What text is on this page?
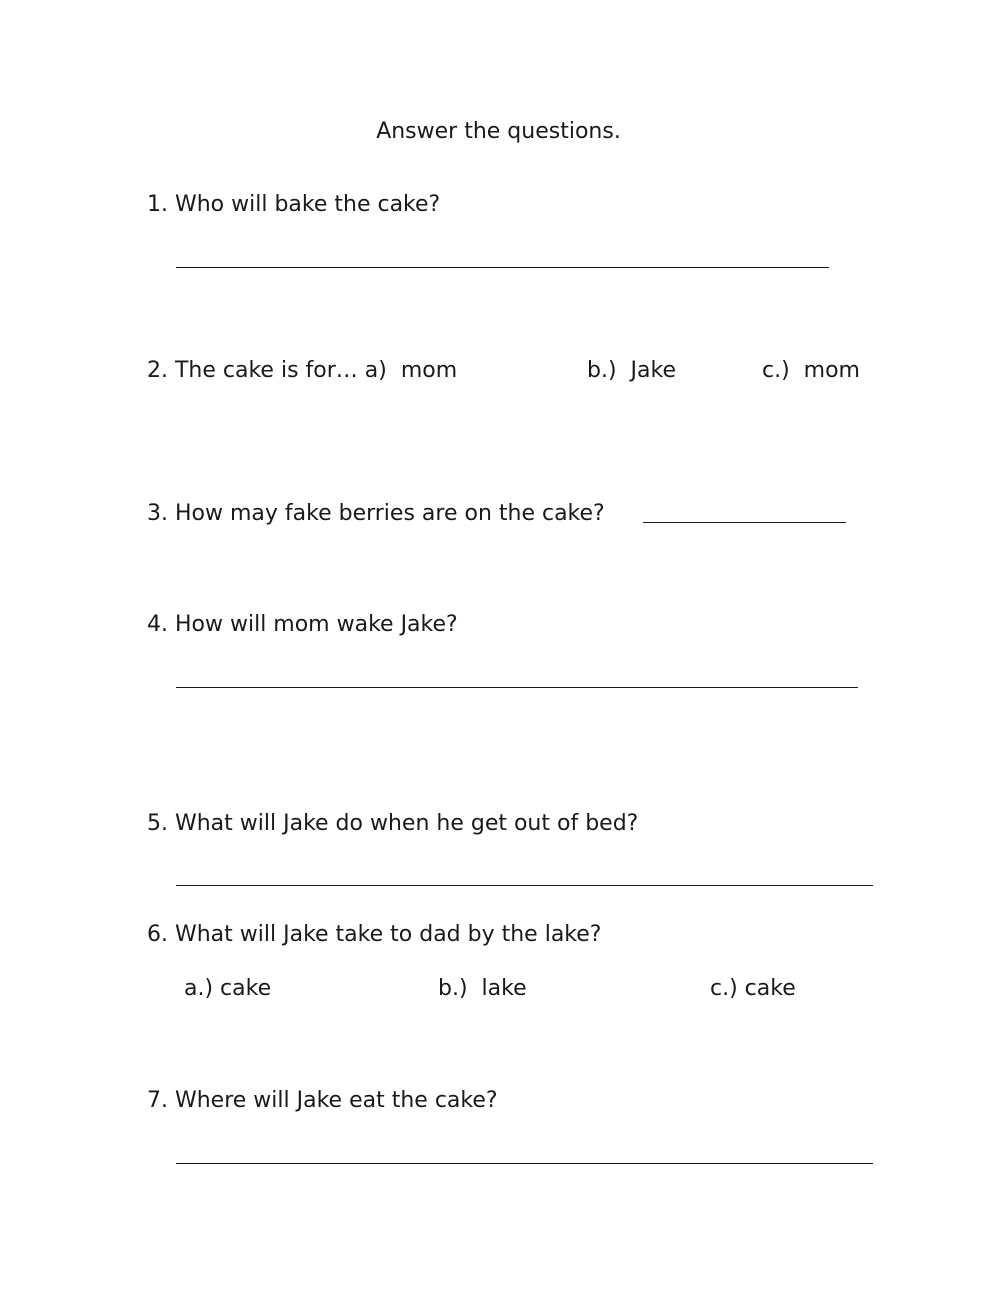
Answer the questions.
1. Who will bake the cake?
2. The cake is for… a)  mom	b.)  Jake	c.)  mom
3. How may fake berries are on the cake?
4. How will mom wake Jake?
5. What will Jake do when he get out of bed?
6. What will Jake take to dad by the lake?
a.) cake	b.)  lake	c.) cake
7. Where will Jake eat the cake?
